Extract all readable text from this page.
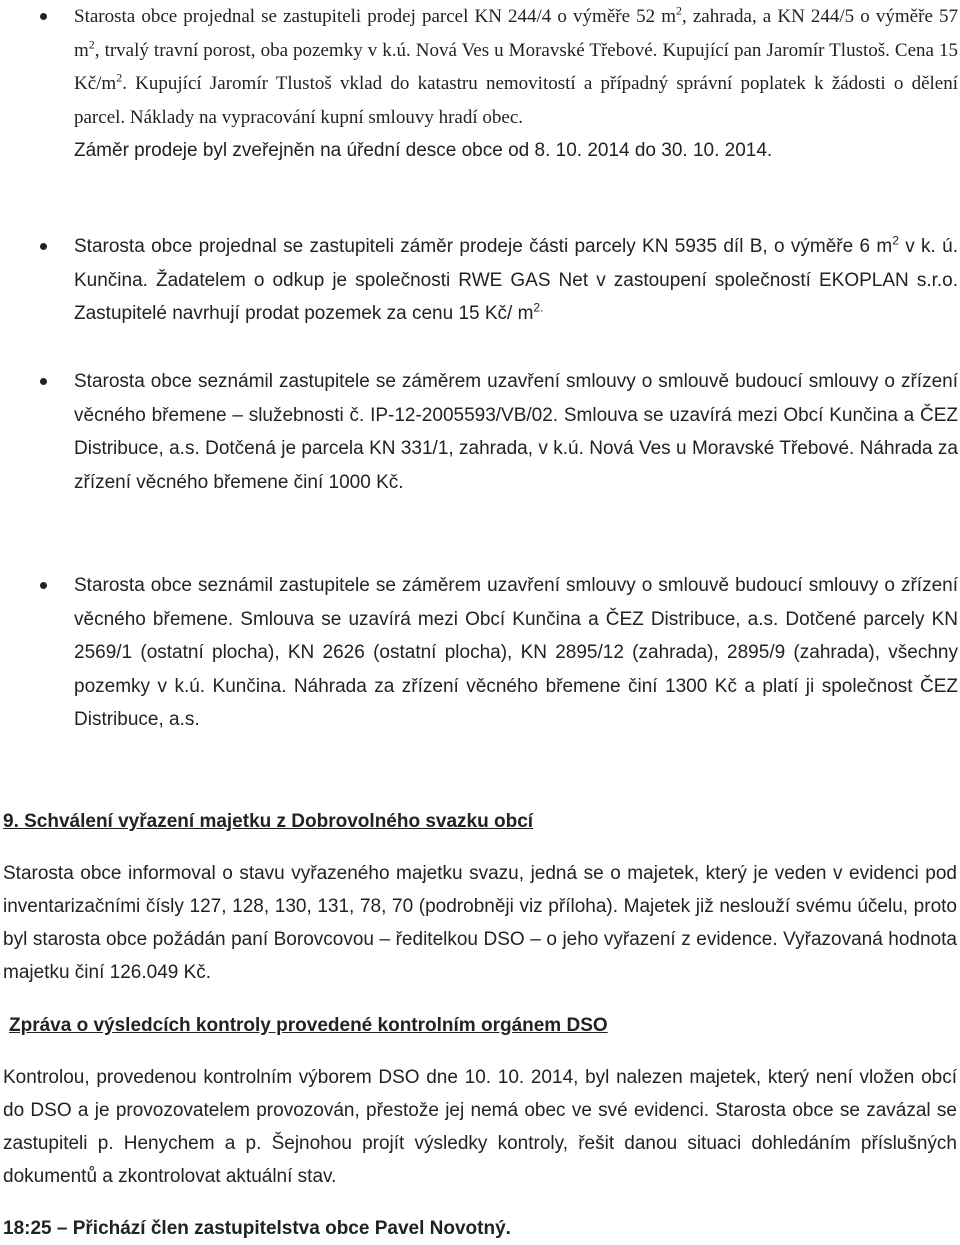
Starosta obce projednal se zastupiteli prodej parcel KN 244/4 o výměře 52 $m^2$, zahrada, a KN 244/5 o výměře 57 $m^2$, trvalý travní porost, oba pozemky v k.ú. Nová Ves u Moravské Třebové. Kupující pan Jaromír Tlustoš. Cena 15 $Kč/m^2$. Kupující Jaromír Tlustoš vklad do katastru nemovitostí a případný správní poplatek k žádosti o dělení parcel. Náklady na vypracování kupní smlouvy hradí obec.

Záměr prodeje byl zveřejněn na úřední desce obce od 8. 10. 2014 do 30. 10. 2014.

Starosta obce projednal se zastupiteli záměr prodeje části parcely KN 5935 díl B, o výměře 6 $m^2$ v k. ú. Kunčina. Žadatelem o odkup je společnosti RWE GAS Net v zastoupení společností EKOPLAN s.r.o. Zastupitelé navrhují prodat pozemek za cenu 15 Kč/ $m^{2.}$

Starosta obce seznámil zastupitele se záměrem uzavření smlouvy o smlouvě budoucí smlouvy o zřízení věcného břemene – služebnosti č. IP-12-2005593/VB/02. Smlouva se uzavírá mezi Obcí Kunčina a ČEZ Distribuce, a.s. Dotčená je parcela KN 331/1, zahrada, v k.ú. Nová Ves u Moravské Třebové. Náhrada za zřízení věcného břemene činí 1000 Kč.

Starosta obce seznámil zastupitele se záměrem uzavření smlouvy o smlouvě budoucí smlouvy o zřízení věcného břemene. Smlouva se uzavírá mezi Obcí Kunčina a ČEZ Distribuce, a.s. Dotčené parcely KN 2569/1 (ostatní plocha), KN 2626 (ostatní plocha), KN 2895/12 (zahrada), 2895/9 (zahrada), všechny pozemky v k.ú. Kunčina. Náhrada za zřízení věcného břemene činí 1300 Kč a platí ji společnost ČEZ Distribuce, a.s.

9. Schválení vyřazení majetku z Dobrovolného svazku obcí

Starosta obce informoval o stavu vyřazeného majetku svazu, jedná se o majetek, který je veden v evidenci pod inventarizačními čísly 127, 128, 130, 131, 78, 70 (podrobněji viz příloha). Majetek již neslouží svému účelu, proto byl starosta obce požádán paní Borovcovou – ředitelkou DSO – o jeho vyřazení z evidence. Vyřazovaná hodnota majetku činí 126.049 Kč.

Zpráva o výsledcích kontroly provedené kontrolním orgánem DSO

Kontrolou, provedenou kontrolním výborem DSO dne 10. 10. 2014, byl nalezen majetek, který není vložen obcí do DSO a je provozovatelem provozován, přestože jej nemá obec ve své evidenci. Starosta obce se zavázal se zastupiteli p. Henychem a p. Šejnohou projít výsledky kontroly, řešit danou situaci dohledáním příslušných dokumentů a zkontrolovat aktuální stav.

18:25 – Přichází člen zastupitelstva obce Pavel Novotný.
